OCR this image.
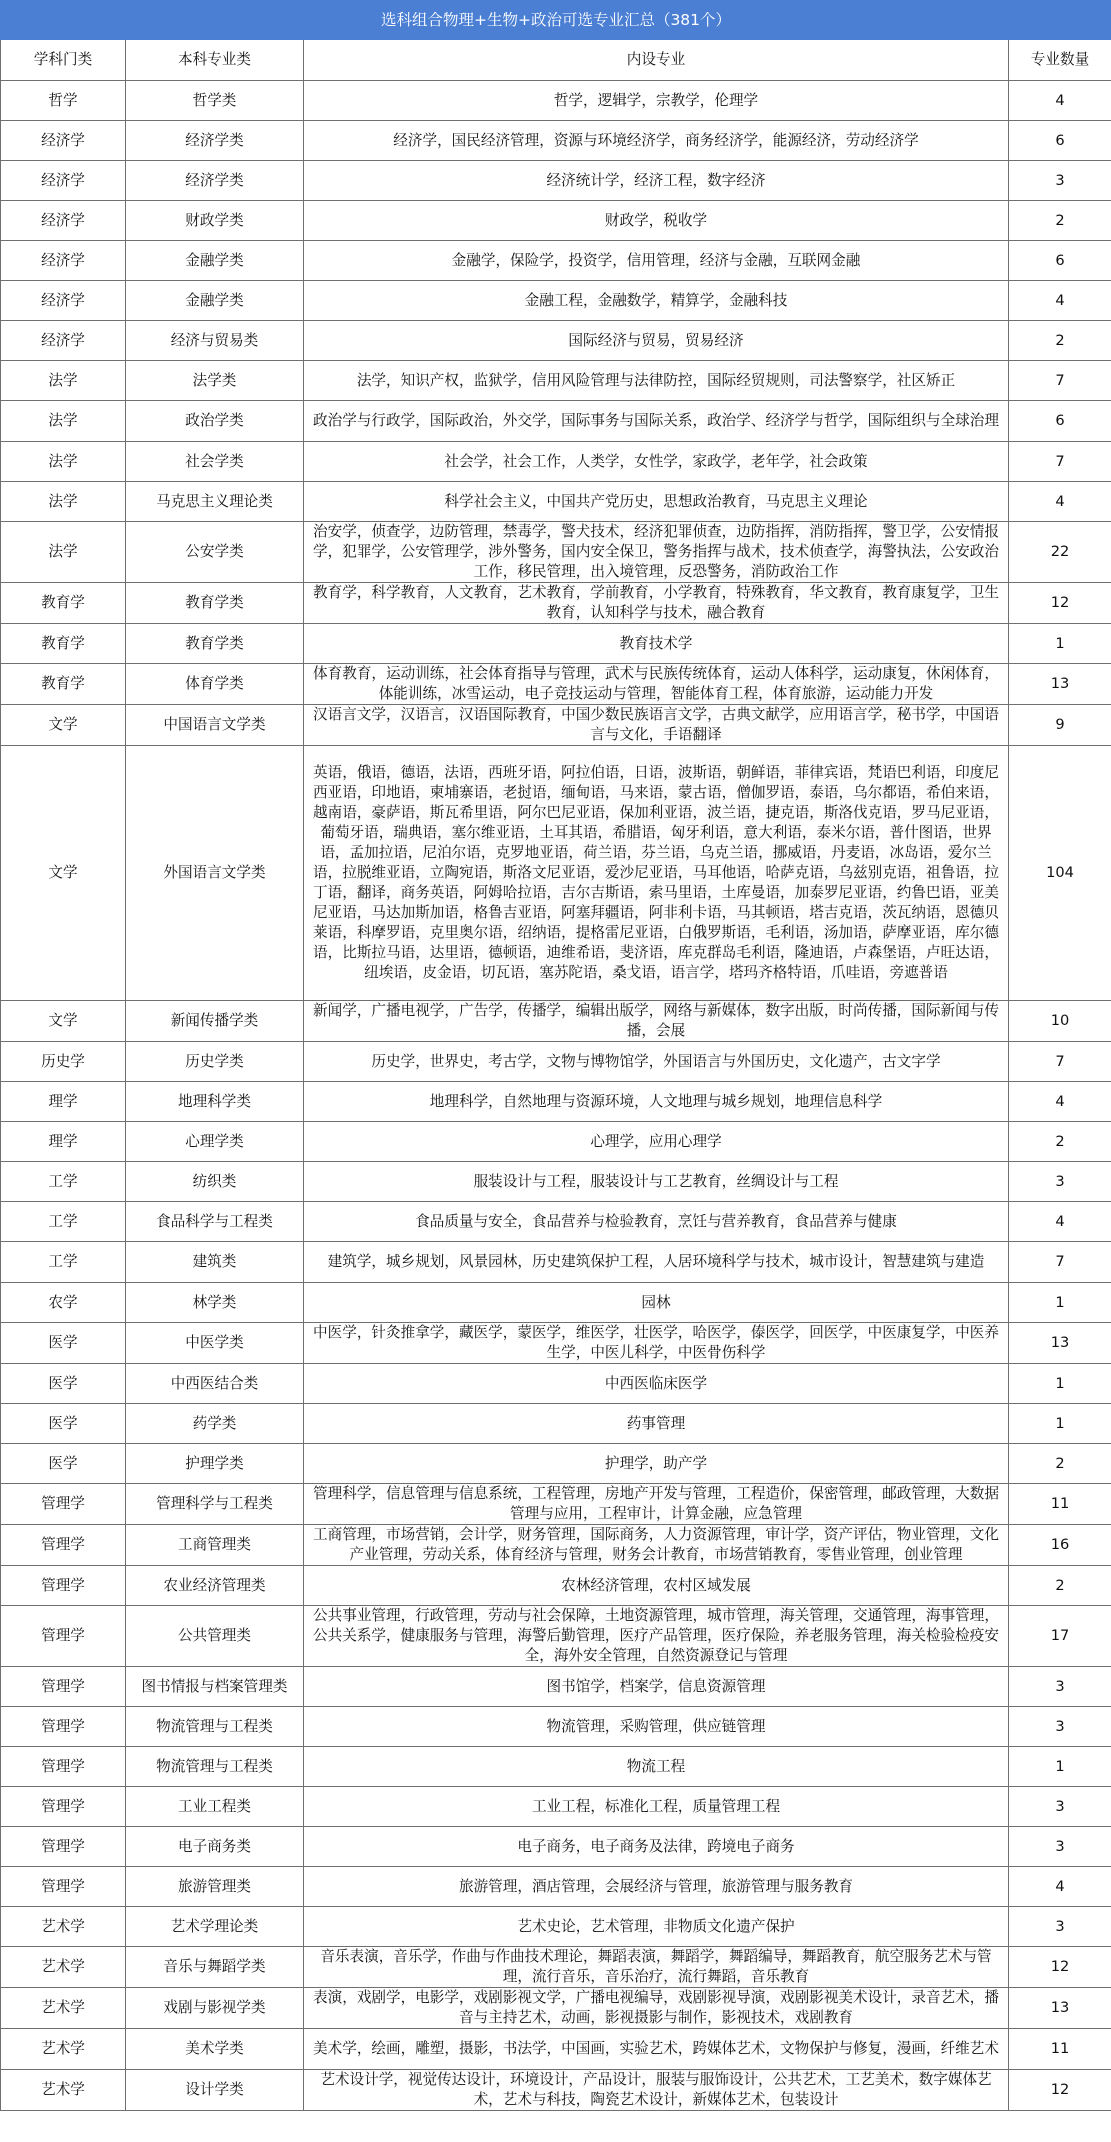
选科组合物理+生物+政治可选专业汇总（381个）			
学科门类	本科专业类	内设专业	专业数量
哲学	哲学类	哲学，逻辑学，宗教学，伦理学	4
经济学	经济学类	经济学，国民经济管理，资源与环境经济学，商务经济学，能源经济，劳动经济学	6
经济学	经济学类	经济统计学，经济工程，数字经济	3
经济学	财政学类	财政学，税收学	2
经济学	金融学类	金融学，保险学，投资学，信用管理，经济与金融，互联网金融	6
经济学	金融学类	金融工程，金融数学，精算学，金融科技	4
经济学	经济与贸易类	国际经济与贸易，贸易经济	2
法学	法学类	法学，知识产权，监狱学，信用风险管理与法律防控，国际经贸规则，司法警察学，社区矫正	7
法学	政治学类	政治学与行政学，国际政治，外交学，国际事务与国际关系，政治学、经济学与哲学，国际组织与全球治理	6
法学	社会学类	社会学，社会工作，人类学，女性学，家政学，老年学，社会政策	7
法学	马克思主义理论类	科学社会主义，中国共产党历史，思想政治教育，马克思主义理论	4
法学	公安学类	治安学，侦查学，边防管理，禁毒学，警犬技术，经济犯罪侦查，边防指挥，消防指挥，警卫学，公安情报学，犯罪学，公安管理学，涉外警务，国内安全保卫，警务指挥与战术，技术侦查学，海警执法，公安政治工作，移民管理，出入境管理，反恐警务，消防政治工作	22
教育学	教育学类	教育学，科学教育，人文教育，艺术教育，学前教育，小学教育，特殊教育，华文教育，教育康复学，卫生教育，认知科学与技术，融合教育	12
教育学	教育学类	教育技术学	1
教育学	体育学类	体育教育，运动训练，社会体育指导与管理，武术与民族传统体育，运动人体科学，运动康复，休闲体育，体能训练，冰雪运动，电子竞技运动与管理，智能体育工程，体育旅游，运动能力开发	13
文学	中国语言文学类	汉语言文学，汉语言，汉语国际教育，中国少数民族语言文学，古典文献学，应用语言学，秘书学，中国语言与文化，手语翻译	9
文学	外国语言文学类	英语，俄语，德语，法语，西班牙语，阿拉伯语，日语，波斯语，朝鲜语，菲律宾语，梵语巴利语，印度尼西亚语，印地语，柬埔寨语，老挝语，缅甸语，马来语，蒙古语，僧伽罗语，泰语，乌尔都语，希伯来语，越南语，豪萨语，斯瓦希里语，阿尔巴尼亚语，保加利亚语，波兰语，捷克语，斯洛伐克语，罗马尼亚语，葡萄牙语，瑞典语，塞尔维亚语，土耳其语，希腊语，匈牙利语，意大利语，泰米尔语，普什图语，世界语，孟加拉语，尼泊尔语，克罗地亚语，荷兰语，芬兰语，乌克兰语，挪威语，丹麦语，冰岛语，爱尔兰语，拉脱维亚语，立陶宛语，斯洛文尼亚语，爱沙尼亚语，马耳他语，哈萨克语，乌兹别克语，祖鲁语，拉丁语，翻译，商务英语，阿姆哈拉语，吉尔吉斯语，索马里语，土库曼语，加泰罗尼亚语，约鲁巴语，亚美尼亚语，马达加斯加语，格鲁吉亚语，阿塞拜疆语，阿非利卡语，马其顿语，塔吉克语，茨瓦纳语，恩德贝莱语，科摩罗语，克里奥尔语，绍纳语，提格雷尼亚语，白俄罗斯语，毛利语，汤加语，萨摩亚语，库尔德语，比斯拉马语，达里语，德顿语，迪维希语，斐济语，库克群岛毛利语，隆迪语，卢森堡语，卢旺达语，纽埃语，皮金语，切瓦语，塞苏陀语，桑戈语，语言学，塔玛齐格特语，爪哇语，旁遮普语	104
文学	新闻传播学类	新闻学，广播电视学，广告学，传播学，编辑出版学，网络与新媒体，数字出版，时尚传播，国际新闻与传播，会展	10
历史学	历史学类	历史学，世界史，考古学，文物与博物馆学，外国语言与外国历史，文化遗产，古文字学	7
理学	地理科学类	地理科学，自然地理与资源环境，人文地理与城乡规划，地理信息科学	4
理学	心理学类	心理学，应用心理学	2
工学	纺织类	服装设计与工程，服装设计与工艺教育，丝绸设计与工程	3
工学	食品科学与工程类	食品质量与安全，食品营养与检验教育，烹饪与营养教育，食品营养与健康	4
工学	建筑类	建筑学，城乡规划，风景园林，历史建筑保护工程，人居环境科学与技术，城市设计，智慧建筑与建造	7
农学	林学类	园林	1
医学	中医学类	中医学，针灸推拿学，藏医学，蒙医学，维医学，壮医学，哈医学，傣医学，回医学，中医康复学，中医养生学，中医儿科学，中医骨伤科学	13
医学	中西医结合类	中西医临床医学	1
医学	药学类	药事管理	1
医学	护理学类	护理学，助产学	2
管理学	管理科学与工程类	管理科学，信息管理与信息系统，工程管理，房地产开发与管理，工程造价，保密管理，邮政管理，大数据管理与应用，工程审计，计算金融，应急管理	11
管理学	工商管理类	工商管理，市场营销，会计学，财务管理，国际商务，人力资源管理，审计学，资产评估，物业管理，文化产业管理，劳动关系，体育经济与管理，财务会计教育，市场营销教育，零售业管理，创业管理	16
管理学	农业经济管理类	农林经济管理，农村区域发展	2
管理学	公共管理类	公共事业管理，行政管理，劳动与社会保障，土地资源管理，城市管理，海关管理，交通管理，海事管理，公共关系学，健康服务与管理，海警后勤管理，医疗产品管理，医疗保险，养老服务管理，海关检验检疫安全，海外安全管理，自然资源登记与管理	17
管理学	图书情报与档案管理类	图书馆学，档案学，信息资源管理	3
管理学	物流管理与工程类	物流管理，采购管理，供应链管理	3
管理学	物流管理与工程类	物流工程	1
管理学	工业工程类	工业工程，标准化工程，质量管理工程	3
管理学	电子商务类	电子商务，电子商务及法律，跨境电子商务	3
管理学	旅游管理类	旅游管理，酒店管理，会展经济与管理，旅游管理与服务教育	4
艺术学	艺术学理论类	艺术史论，艺术管理，非物质文化遗产保护	3
艺术学	音乐与舞蹈学类	音乐表演，音乐学，作曲与作曲技术理论，舞蹈表演，舞蹈学，舞蹈编导，舞蹈教育，航空服务艺术与管理，流行音乐，音乐治疗，流行舞蹈，音乐教育	12
艺术学	戏剧与影视学类	表演，戏剧学，电影学，戏剧影视文学，广播电视编导，戏剧影视导演，戏剧影视美术设计，录音艺术，播音与主持艺术，动画，影视摄影与制作，影视技术，戏剧教育	13
艺术学	美术学类	美术学，绘画，雕塑，摄影，书法学，中国画，实验艺术，跨媒体艺术，文物保护与修复，漫画，纤维艺术	11
艺术学	设计学类	艺术设计学，视觉传达设计，环境设计，产品设计，服装与服饰设计，公共艺术，工艺美术，数字媒体艺术，艺术与科技，陶瓷艺术设计，新媒体艺术，包装设计	12
